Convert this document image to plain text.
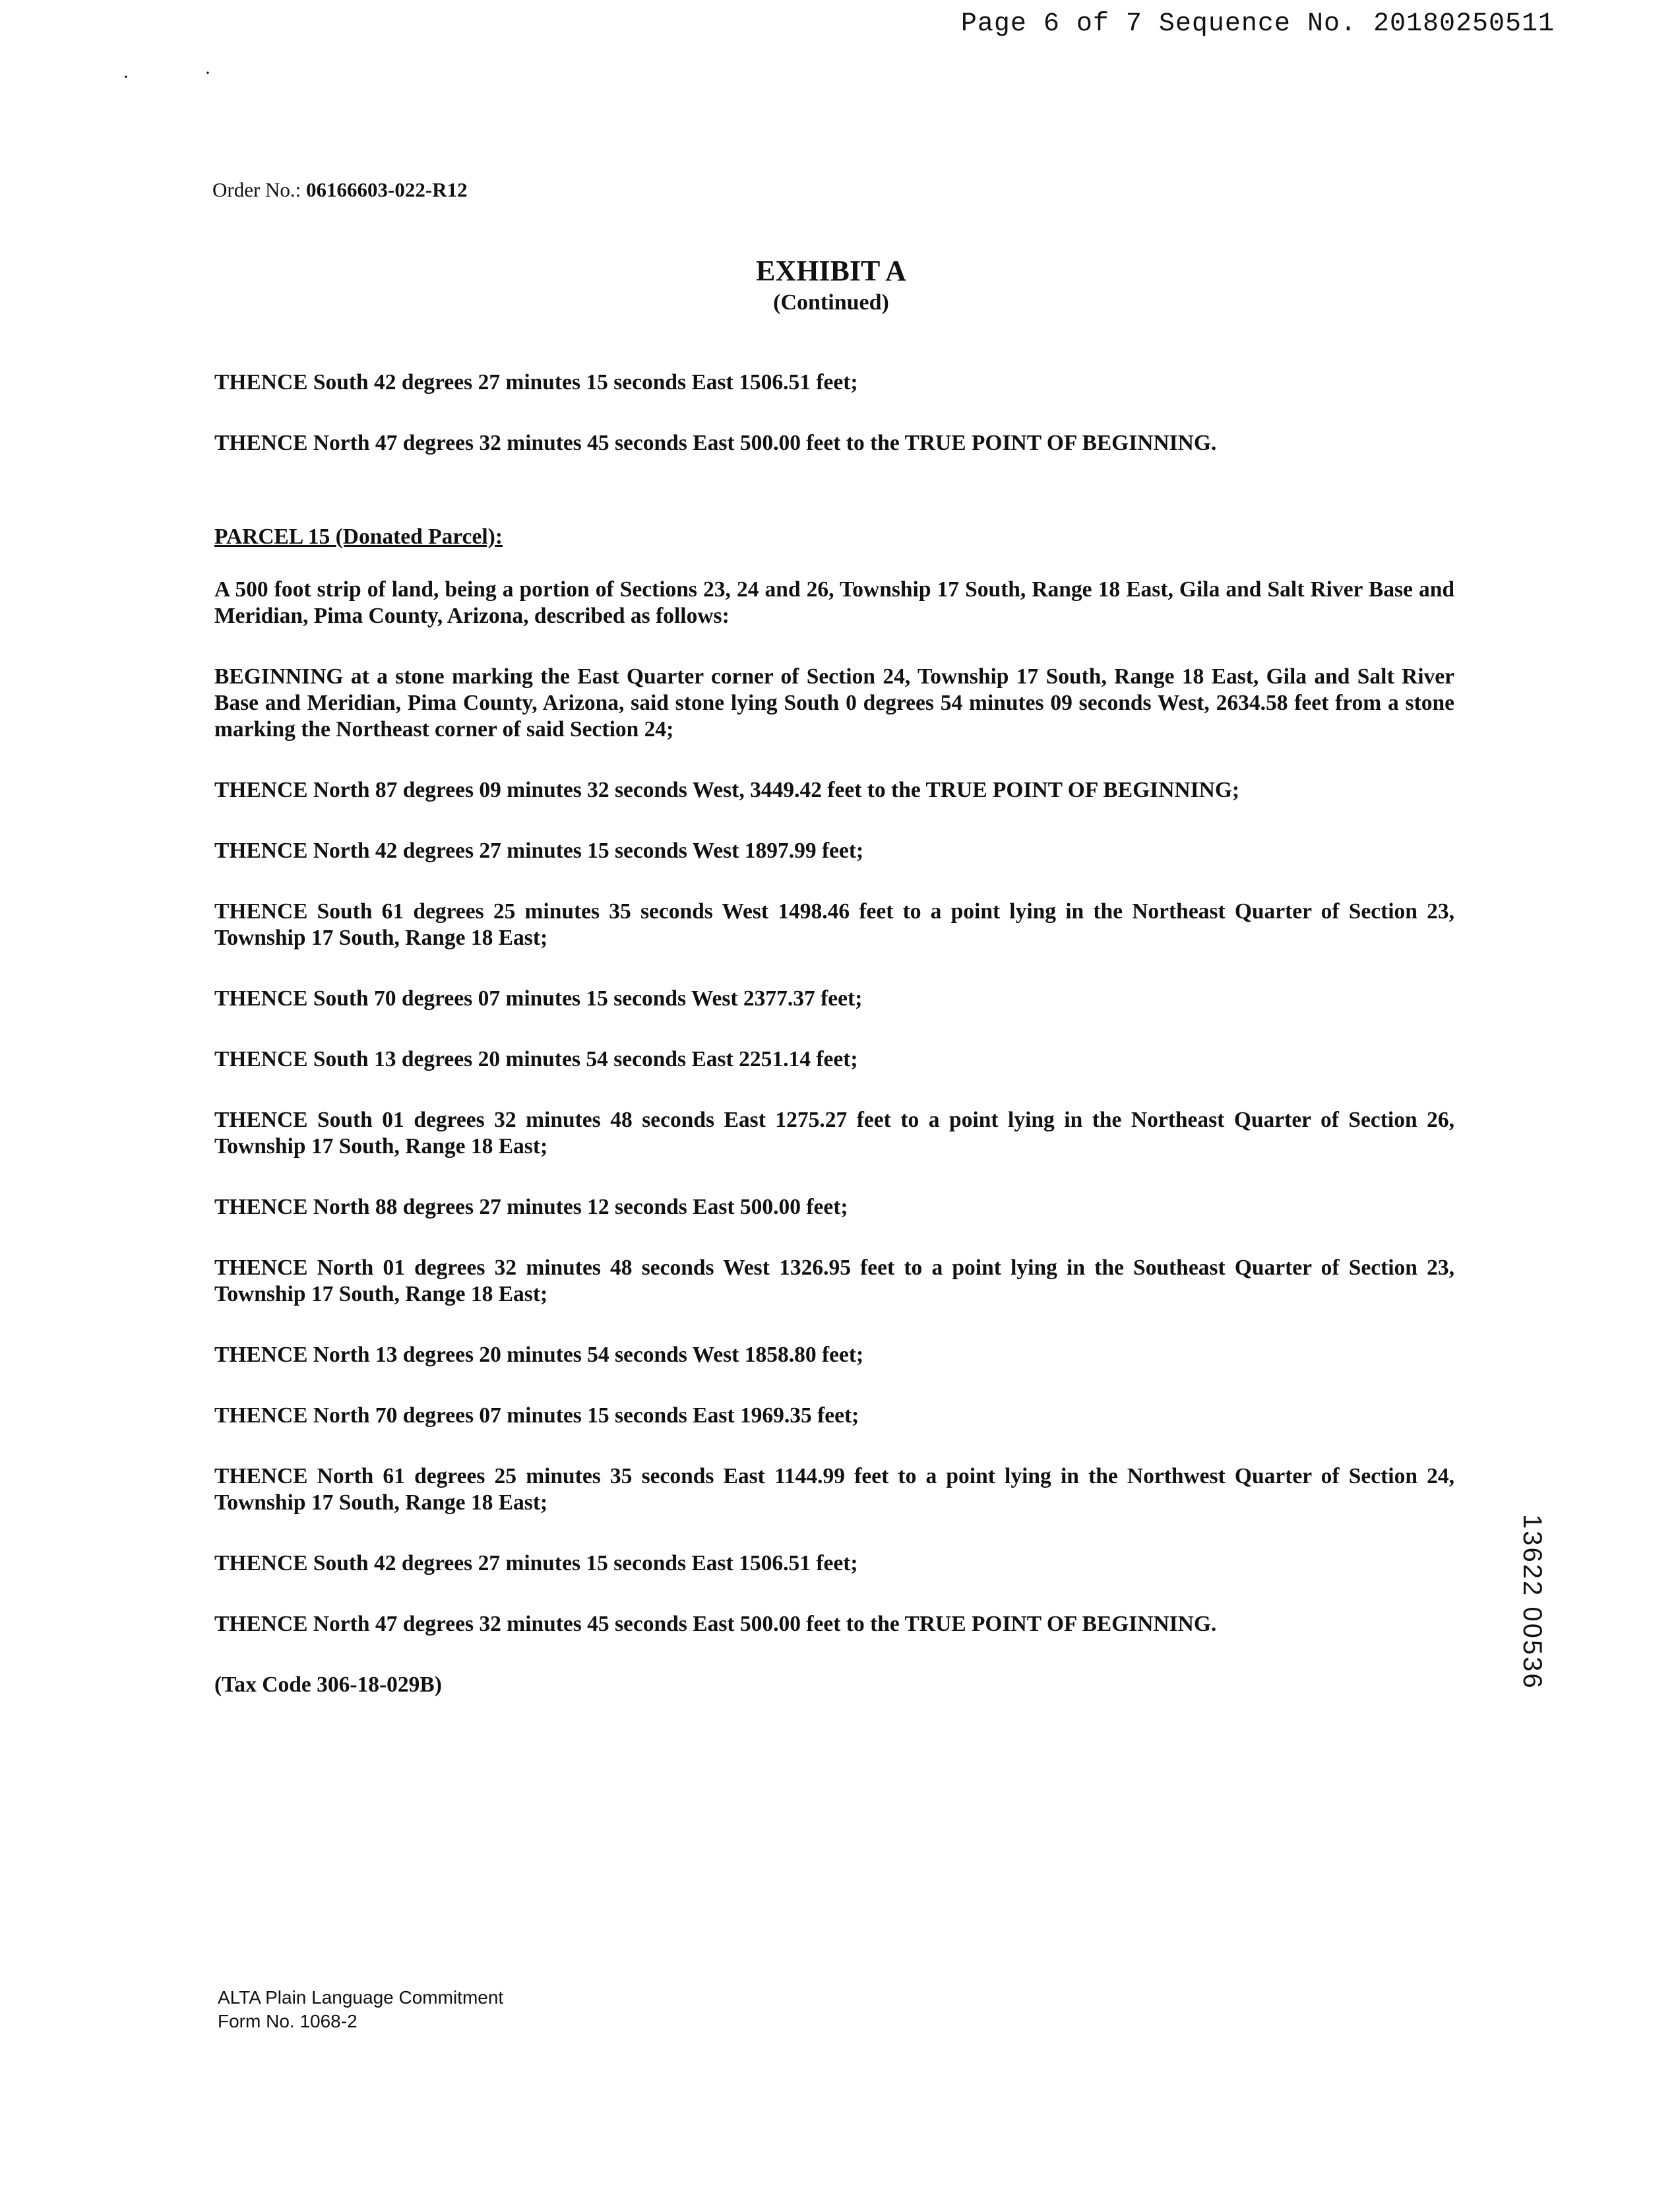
Page 6 of 7 Sequence No. 20180250511
·	·
Order No.: 06166603-022-R12
EXHIBIT A
(Continued)

THENCE South 42 degrees 27 minutes 15 seconds East 1506.51 feet;

THENCE North 47 degrees 32 minutes 45 seconds East 500.00 feet to the TRUE POINT OF BEGINNING.

PARCEL 15 (Donated Parcel):

A 500 foot strip of land, being a portion of Sections 23, 24 and 26, Township 17 South, Range 18 East, Gila and Salt River Base and Meridian, Pima County, Arizona, described as follows:

BEGINNING at a stone marking the East Quarter corner of Section 24, Township 17 South, Range 18 East, Gila and Salt River Base and Meridian, Pima County, Arizona, said stone lying South 0 degrees 54 minutes 09 seconds West, 2634.58 feet from a stone marking the Northeast corner of said Section 24;

THENCE North 87 degrees 09 minutes 32 seconds West, 3449.42 feet to the TRUE POINT OF BEGINNING;

THENCE North 42 degrees 27 minutes 15 seconds West 1897.99 feet;

THENCE South 61 degrees 25 minutes 35 seconds West 1498.46 feet to a point lying in the Northeast Quarter of Section 23, Township 17 South, Range 18 East;

THENCE South 70 degrees 07 minutes 15 seconds West 2377.37 feet;

THENCE South 13 degrees 20 minutes 54 seconds East 2251.14 feet;

THENCE South 01 degrees 32 minutes 48 seconds East 1275.27 feet to a point lying in the Northeast Quarter of Section 26, Township 17 South, Range 18 East;

THENCE North 88 degrees 27 minutes 12 seconds East 500.00 feet;

THENCE North 01 degrees 32 minutes 48 seconds West 1326.95 feet to a point lying in the Southeast Quarter of Section 23, Township 17 South, Range 18 East;

THENCE North 13 degrees 20 minutes 54 seconds West 1858.80 feet;

THENCE North 70 degrees 07 minutes 15 seconds East 1969.35 feet;

THENCE North 61 degrees 25 minutes 35 seconds East 1144.99 feet to a point lying in the Northwest Quarter of Section 24, Township 17 South, Range 18 East;

THENCE South 42 degrees 27 minutes 15 seconds East 1506.51 feet;

THENCE North 47 degrees 32 minutes 45 seconds East 500.00 feet to the TRUE POINT OF BEGINNING.

(Tax Code 306-18-029B)	13622 00536
ALTA Plain Language Commitment
Form No. 1068-2
